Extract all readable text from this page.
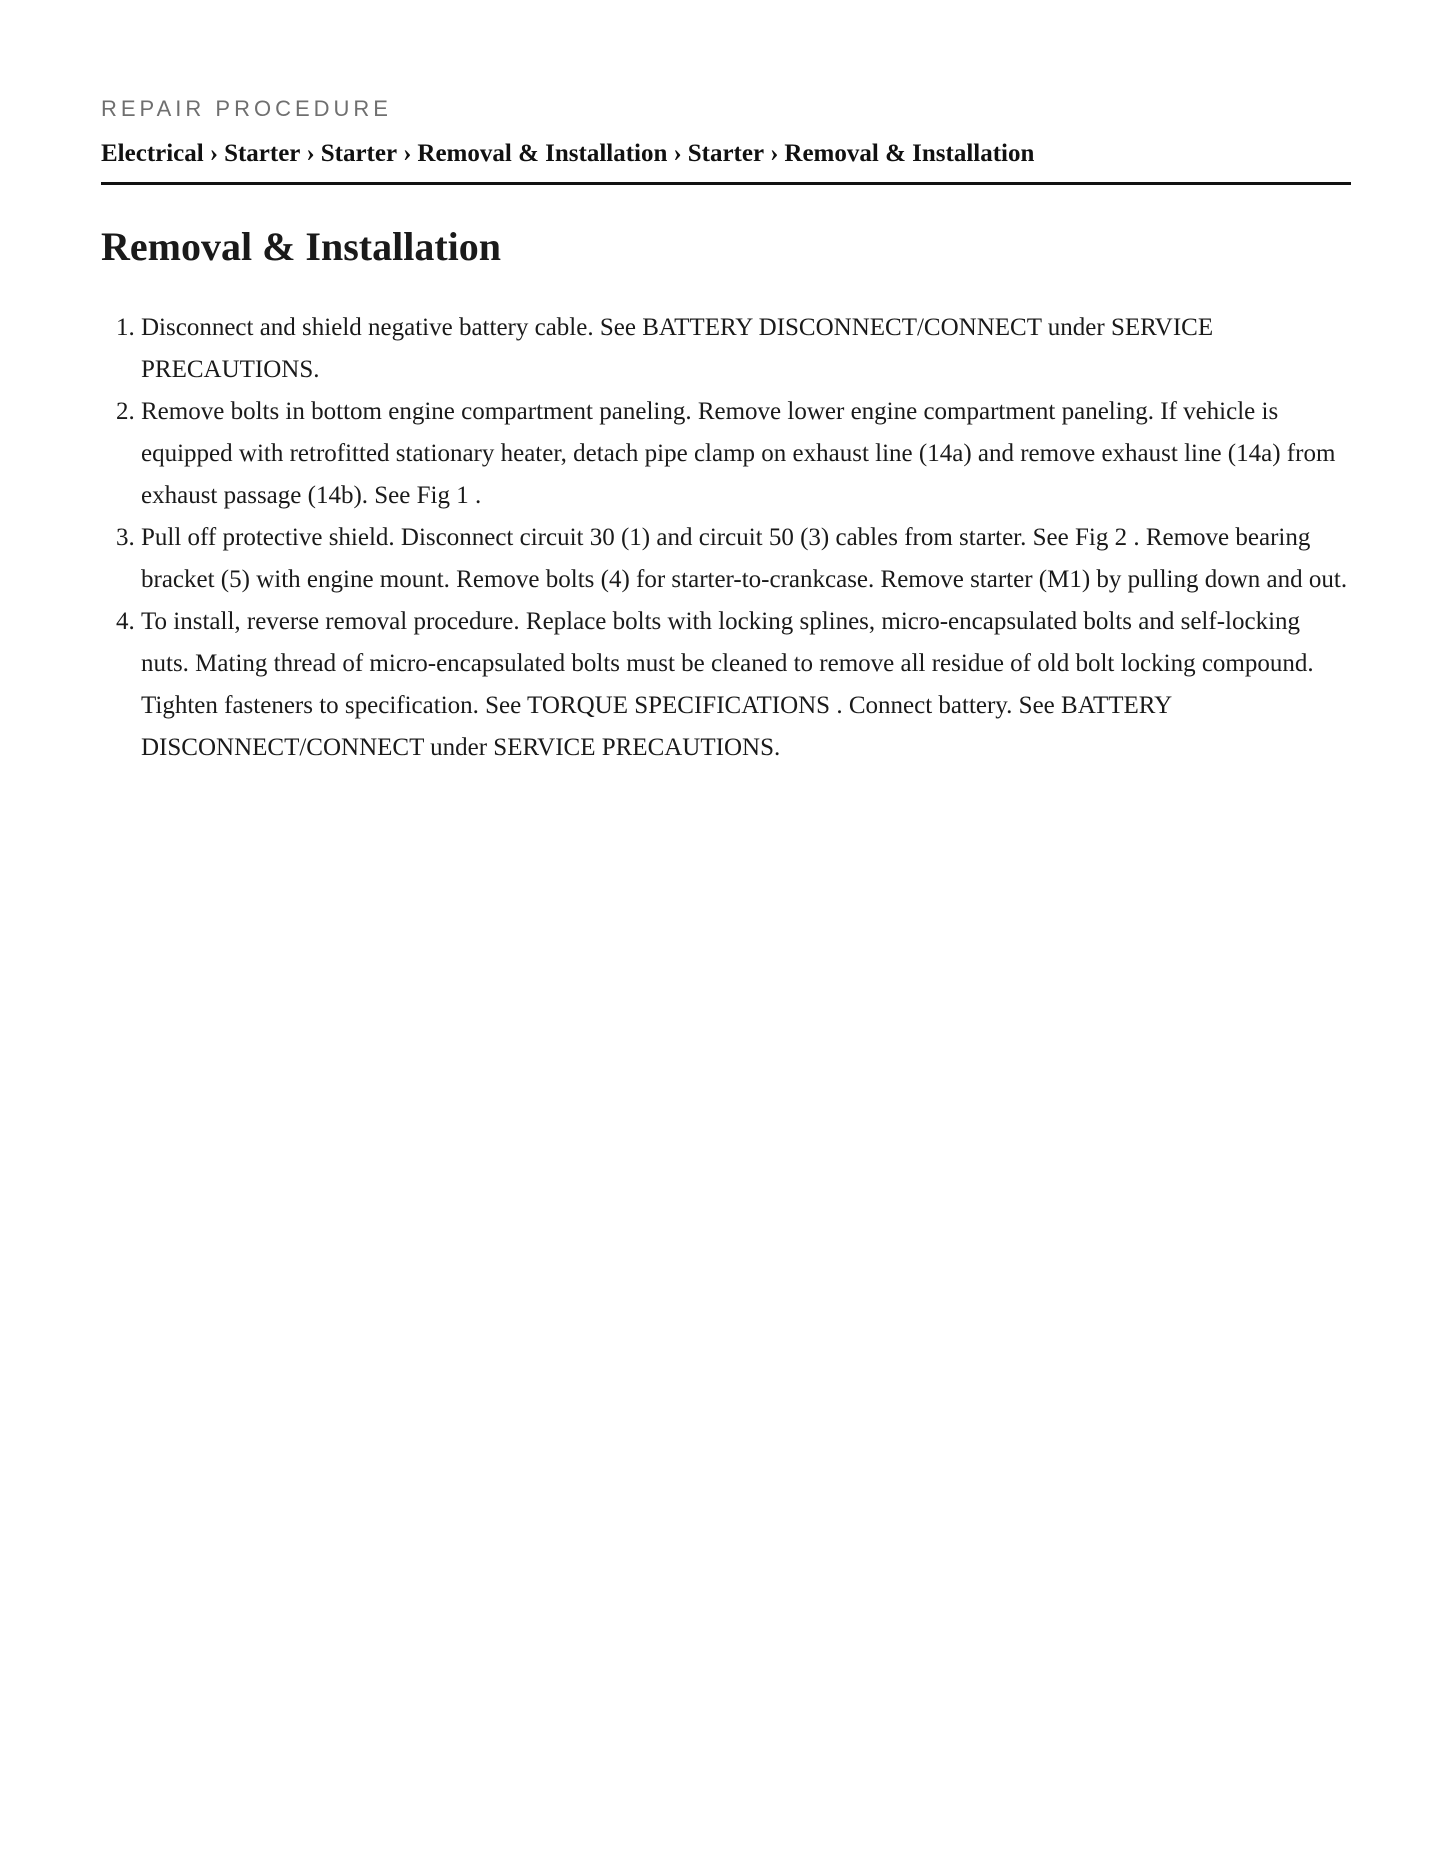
REPAIR PROCEDURE
Electrical › Starter › Starter › Removal & Installation › Starter › Removal & Installation
Removal & Installation
1. Disconnect and shield negative battery cable. See BATTERY DISCONNECT/CONNECT under SERVICE PRECAUTIONS.
2. Remove bolts in bottom engine compartment paneling. Remove lower engine compartment paneling. If vehicle is equipped with retrofitted stationary heater, detach pipe clamp on exhaust line (14a) and remove exhaust line (14a) from exhaust passage (14b). See Fig 1 .
3. Pull off protective shield. Disconnect circuit 30 (1) and circuit 50 (3) cables from starter. See Fig 2 . Remove bearing bracket (5) with engine mount. Remove bolts (4) for starter-to-crankcase. Remove starter (M1) by pulling down and out.
4. To install, reverse removal procedure. Replace bolts with locking splines, micro-encapsulated bolts and self-locking nuts. Mating thread of micro-encapsulated bolts must be cleaned to remove all residue of old bolt locking compound. Tighten fasteners to specification. See TORQUE SPECIFICATIONS . Connect battery. See BATTERY DISCONNECT/CONNECT under SERVICE PRECAUTIONS.
